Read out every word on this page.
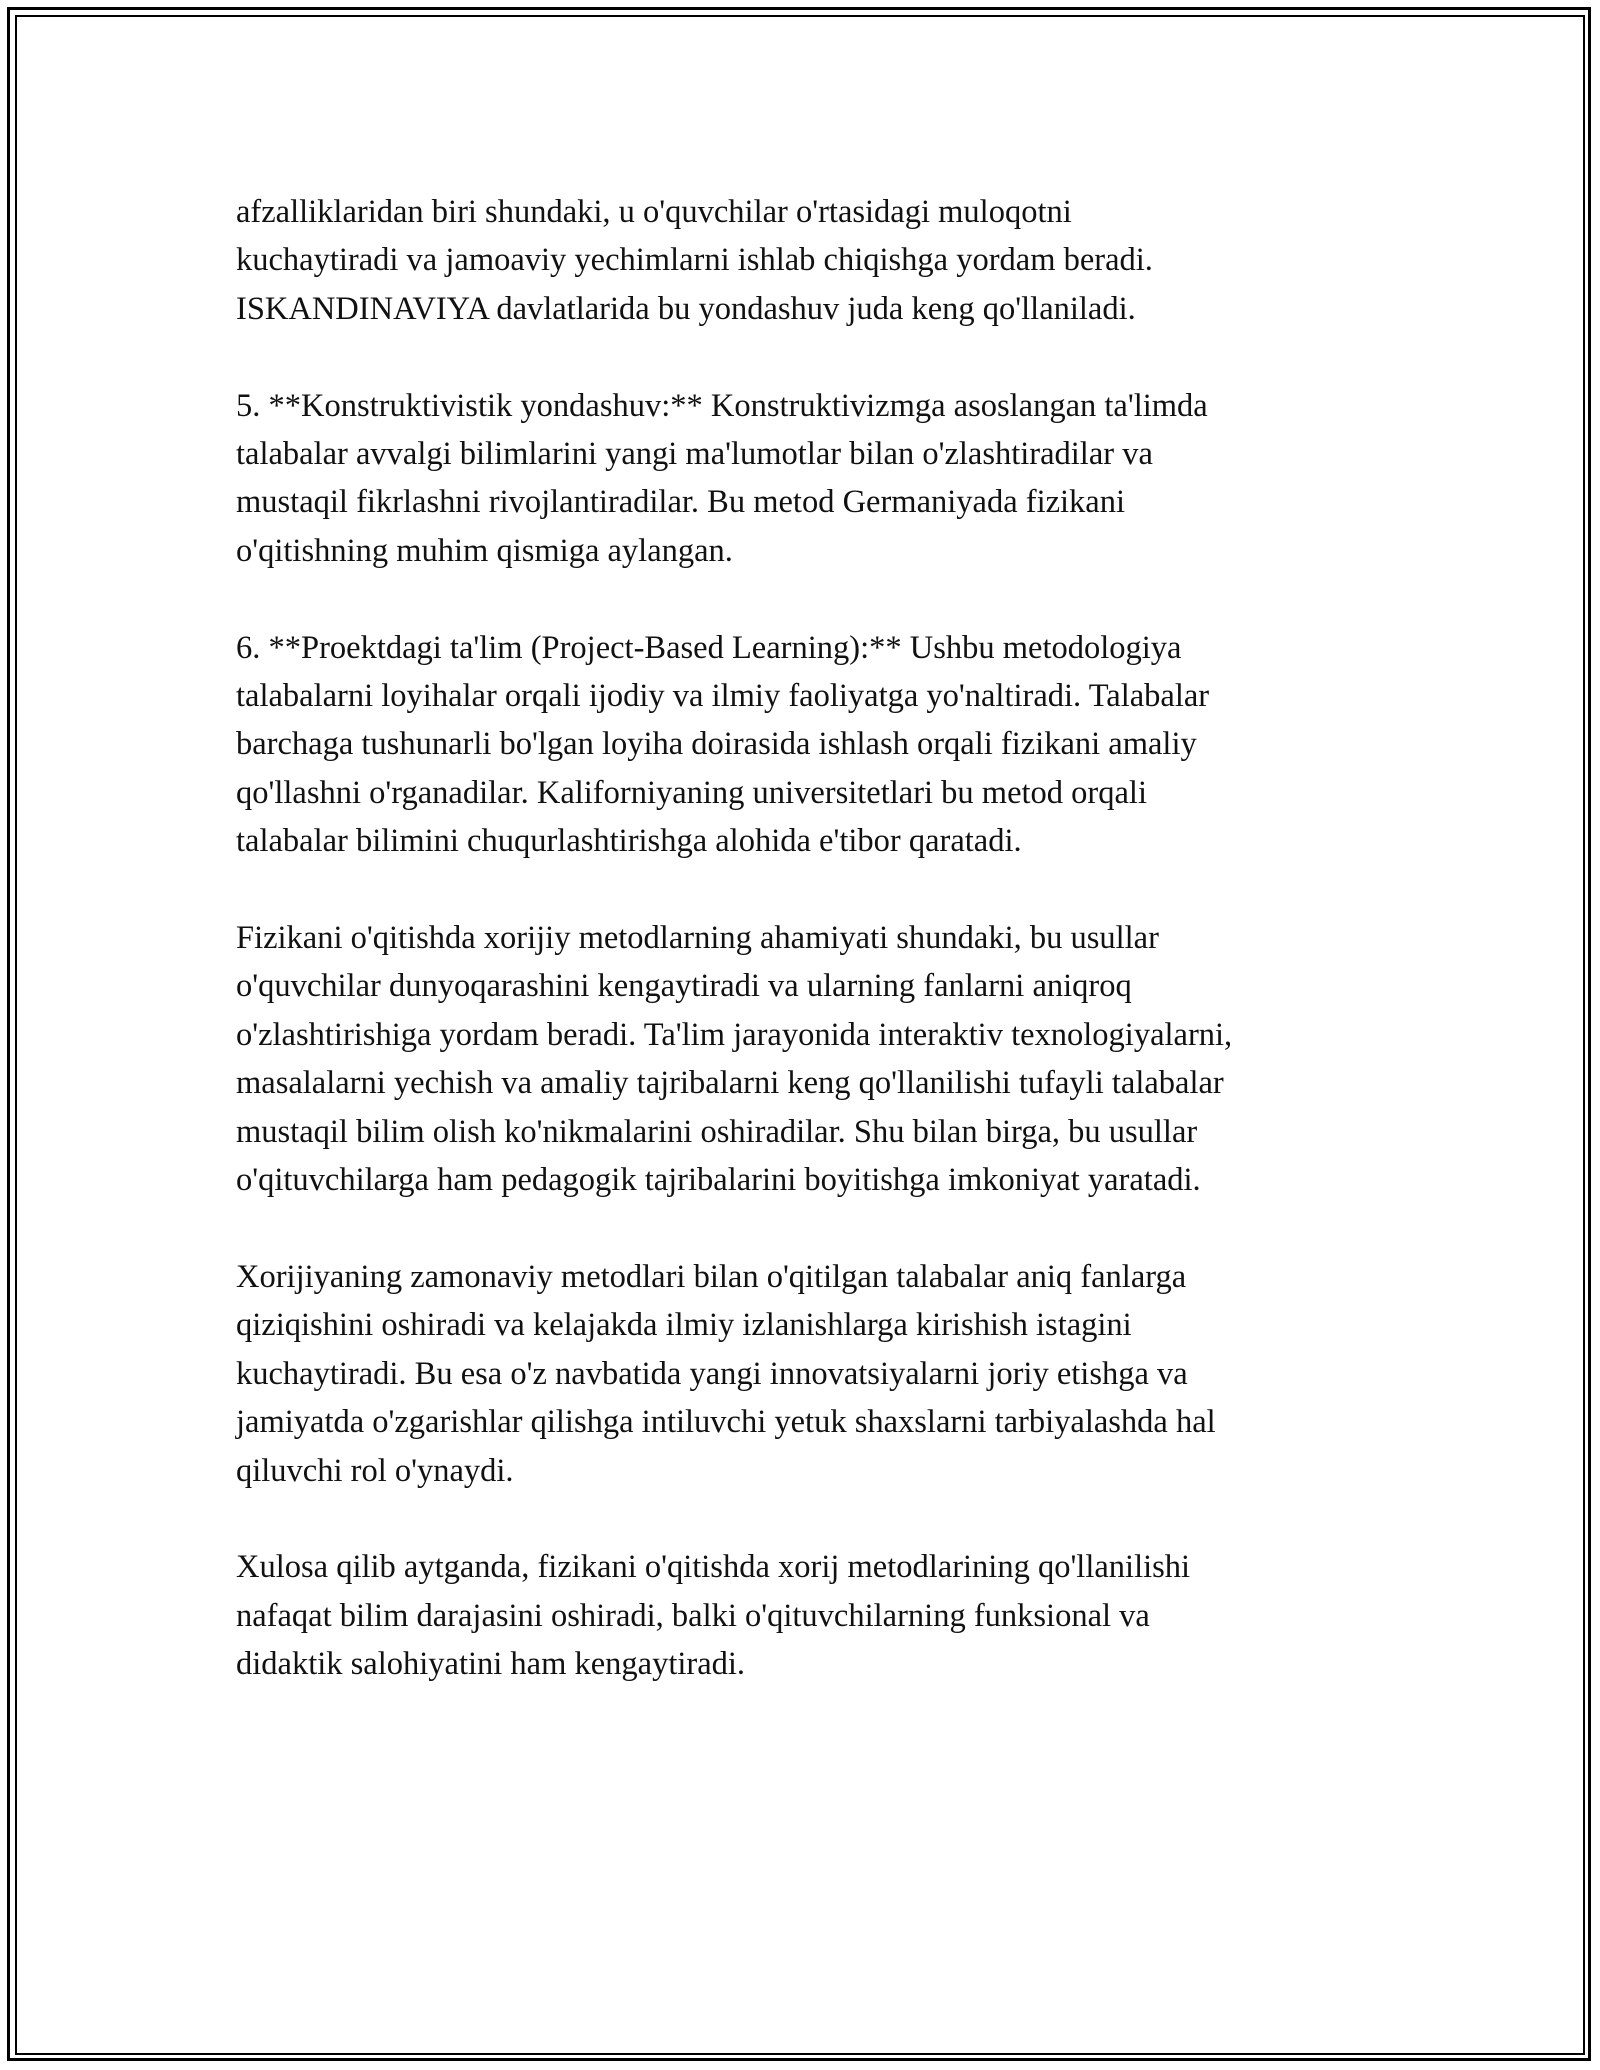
afzalliklaridan biri shundaki, u o'quvchilar o'rtasidagi muloqotni
kuchaytiradi va jamoaviy yechimlarni ishlab chiqishga yordam beradi.
ISKANDINAVIYA davlatlarida bu yondashuv juda keng qo'llaniladi.

5. **Konstruktivistik yondashuv:** Konstruktivizmga asoslangan ta'limda
talabalar avvalgi bilimlarini yangi ma'lumotlar bilan o'zlashtiradilar va
mustaqil fikrlashni rivojlantiradilar. Bu metod Germaniyada fizikani
o'qitishning muhim qismiga aylangan.

6. **Proektdagi ta'lim (Project-Based Learning):** Ushbu metodologiya
talabalarni loyihalar orqali ijodiy va ilmiy faoliyatga yo'naltiradi. Talabalar
barchaga tushunarli bo'lgan loyiha doirasida ishlash orqali fizikani amaliy
qo'llashni o'rganadilar. Kaliforniyaning universitetlari bu metod orqali
talabalar bilimini chuqurlashtirishga alohida e'tibor qaratadi.

Fizikani o'qitishda xorijiy metodlarning ahamiyati shundaki, bu usullar
o'quvchilar dunyoqarashini kengaytiradi va ularning fanlarni aniqroq
o'zlashtirishiga yordam beradi. Ta'lim jarayonida interaktiv texnologiyalarni,
masalalarni yechish va amaliy tajribalarni keng qo'llanilishi tufayli talabalar
mustaqil bilim olish ko'nikmalarini oshiradilar. Shu bilan birga, bu usullar
o'qituvchilarga ham pedagogik tajribalarini boyitishga imkoniyat yaratadi.

Xorijiyaning zamonaviy metodlari bilan o'qitilgan talabalar aniq fanlarga
qiziqishini oshiradi va kelajakda ilmiy izlanishlarga kirishish istagini
kuchaytiradi. Bu esa o'z navbatida yangi innovatsiyalarni joriy etishga va
jamiyatda o'zgarishlar qilishga intiluvchi yetuk shaxslarni tarbiyalashda hal
qiluvchi rol o'ynaydi.

Xulosa qilib aytganda, fizikani o'qitishda xorij metodlarining qo'llanilishi
nafaqat bilim darajasini oshiradi, balki o'qituvchilarning funksional va
didaktik salohiyatini ham kengaytiradi.
